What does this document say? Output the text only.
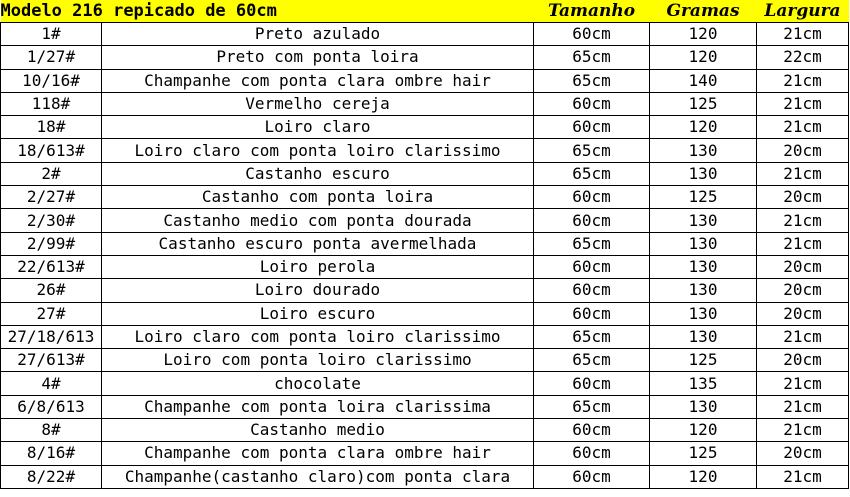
Modelo 216 repicado de 60cm		Tamanho	Gramas	Largura
1#	Preto azulado	60cm	120	21cm
1/27#	Preto com ponta loira	65cm	120	22cm
10/16#	Champanhe com ponta clara ombre hair	65cm	140	21cm
118#	Vermelho cereja	60cm	125	21cm
18#	Loiro claro	60cm	120	21cm
18/613#	Loiro claro com ponta loiro clarissimo	65cm	130	20cm
2#	Castanho escuro	65cm	130	21cm
2/27#	Castanho com ponta loira	60cm	125	20cm
2/30#	Castanho medio com ponta dourada	60cm	130	21cm
2/99#	Castanho escuro ponta avermelhada	65cm	130	21cm
22/613#	Loiro perola	60cm	130	20cm
26#	Loiro dourado	60cm	130	20cm
27#	Loiro escuro	60cm	130	20cm
27/18/613	Loiro claro com ponta loiro clarissimo	65cm	130	21cm
27/613#	Loiro com ponta loiro clarissimo	65cm	125	20cm
4#	chocolate	60cm	135	21cm
6/8/613	Champanhe com ponta loira clarissima	65cm	130	21cm
8#	Castanho medio	60cm	120	21cm
8/16#	Champanhe com ponta clara ombre hair	60cm	125	20cm
8/22#	Champanhe(castanho claro)com ponta clara	60cm	120	21cm
